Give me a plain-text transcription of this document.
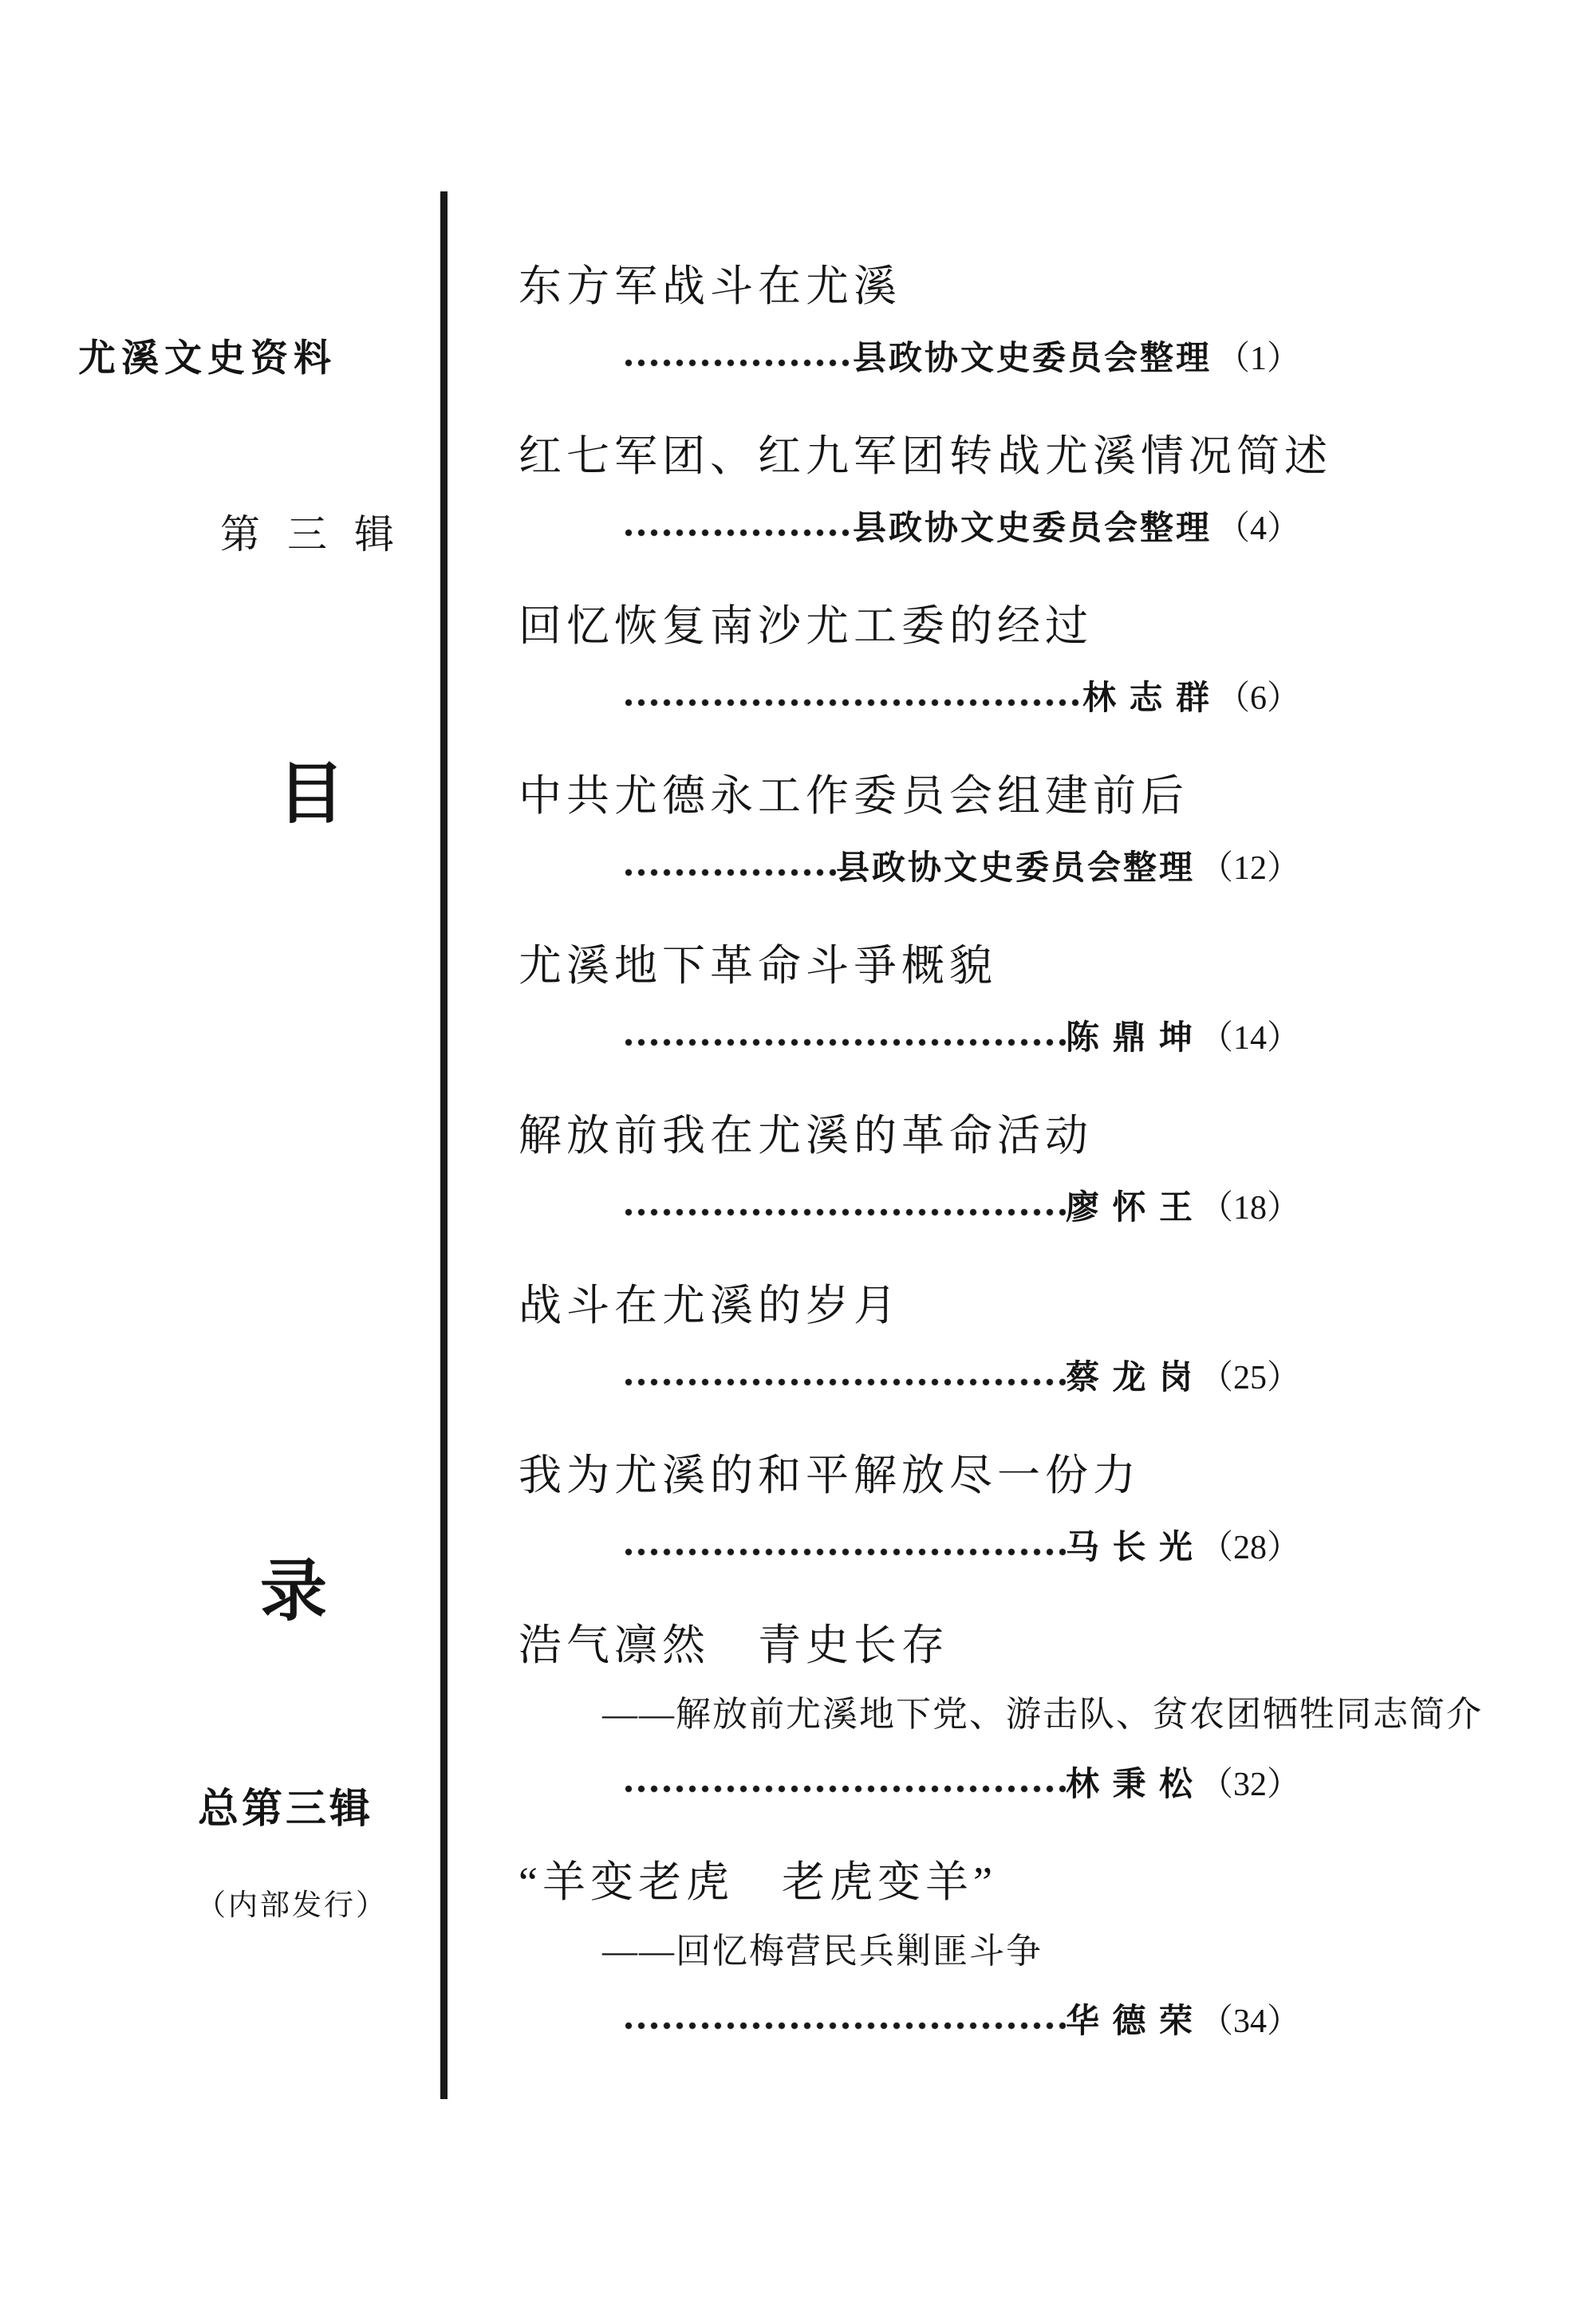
尤溪文史资料
第三辑
目
录
总第三辑
（内部发行）
东方军战斗在尤溪
县政协文史委员会整理 （1）
红七军团、红九军团转战尤溪情况简述
县政协文史委员会整理 （4）
回忆恢复南沙尤工委的经过
林 志 群 （6）
中共尤德永工作委员会组建前后
县政协文史委员会整理 （12）
尤溪地下革命斗爭概貌
陈 鼎 坤 （14）
解放前我在尤溪的革命活动
廖 怀 王 （18）
战斗在尤溪的岁月
蔡 龙 岗 （25）
我为尤溪的和平解放尽一份力
马 长 光 （28）
浩气凛然　青史长存
——解放前尤溪地下党、游击队、贫农团牺牲同志简介
林 秉 松 （32）
“羊变老虎　老虎变羊”
——回忆梅营民兵剿匪斗争
华 德 荣 （34）
